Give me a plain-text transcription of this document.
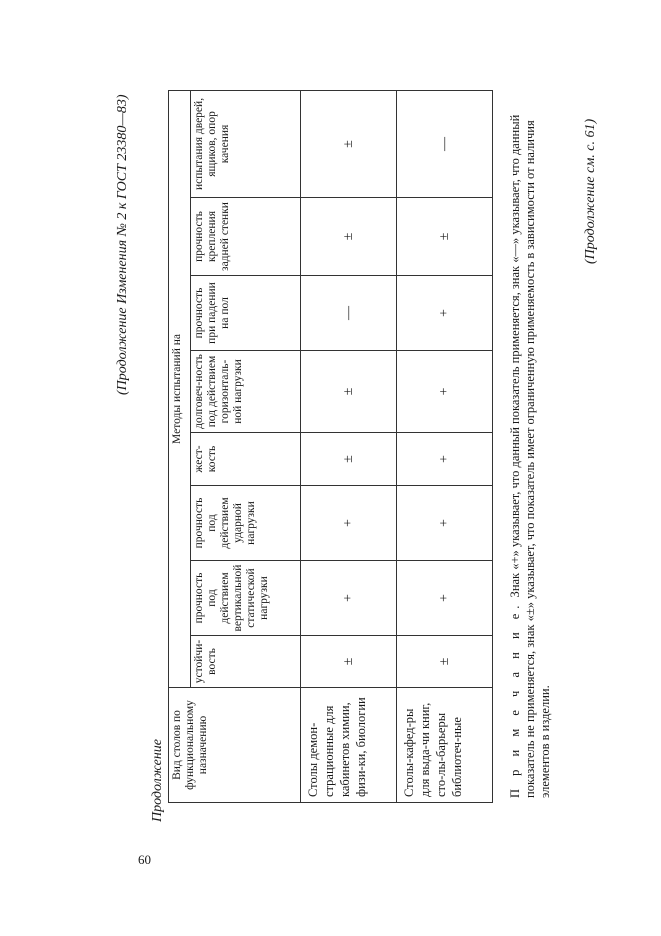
60
(Продолжение Изменения № 2 к ГОСТ 23380—83)
Продолжение Вид столов по функциональному назначению	Методы испытаний на							
	устойчи-вость	прочность под действием вертикальной статической нагрузки	прочность под действием ударной нагрузки	жест-кость	долговеч-ность под действием горизонталь-ной нагрузки	прочность при падении на пол	прочность крепления задней стенки	испытания дверей, ящиков, опор качения
Столы демон-страционные для кабинетов химии, физи-ки, биологии	±	+	+	±	±	—	±	±
Столы-кафед-ры для выда-чи книг, сто-лы-барьеры библиотеч-ные	±	+	+	+	+	+	±	—

П р и м е ч а н и е. Знак «+» указывает, что данный показатель применяется, знак «—» указывает, что данный показатель не применяется, знак «±» указывает, что показатель имеет ограниченную применяемость в зависимости от наличия элементов в изделии.

(Продолжение см. с. 61)
